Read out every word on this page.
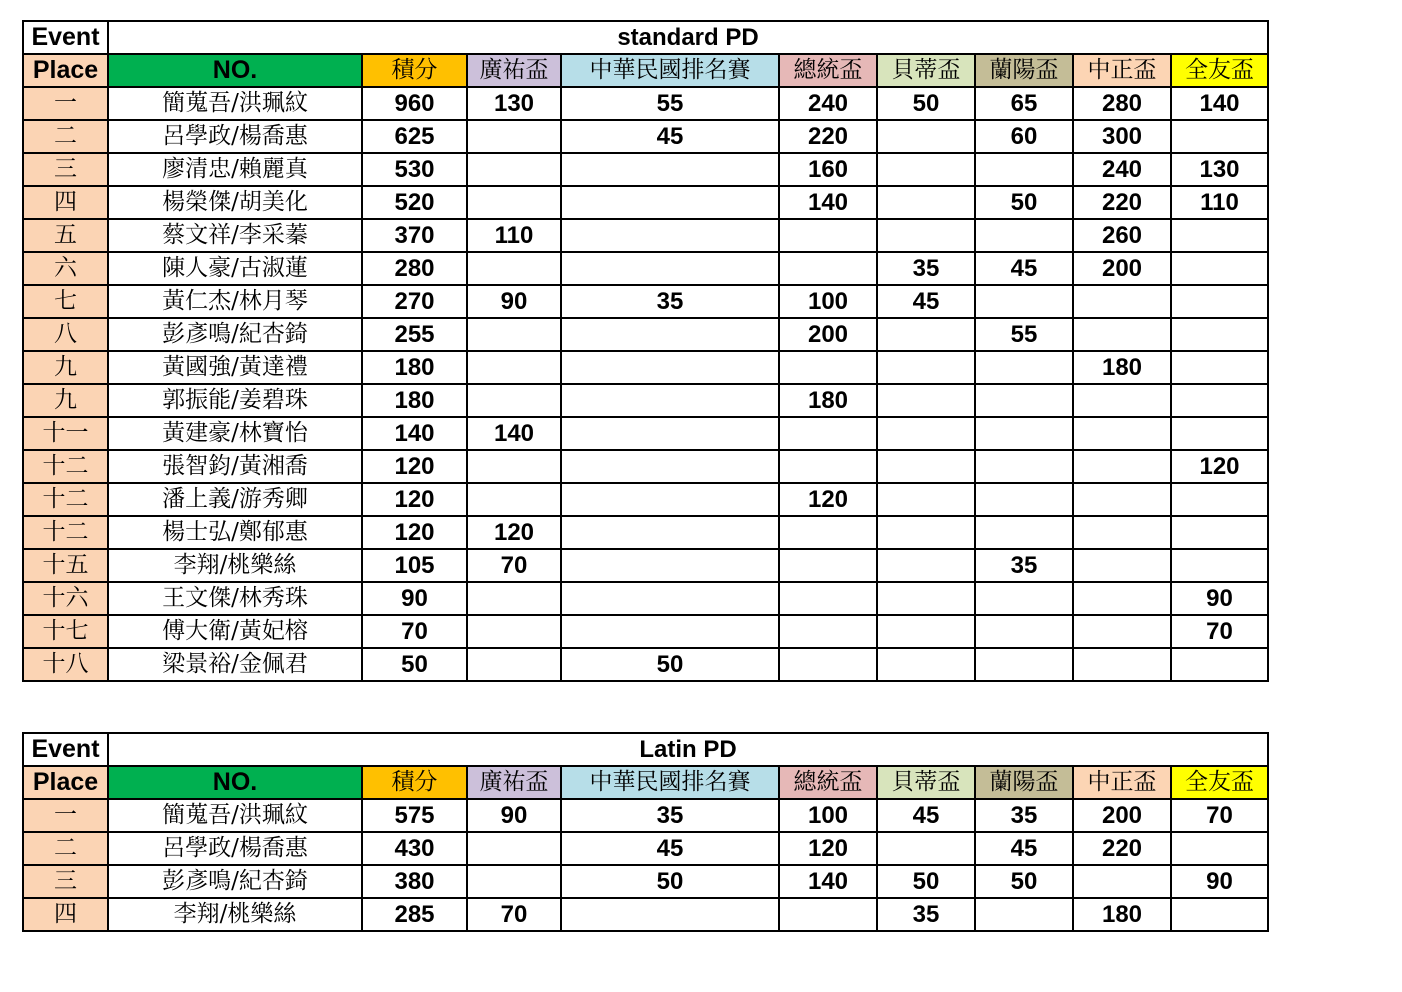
Event	standard PD								
Place	NO.	積分	廣祐盃	中華民國排名賽	總統盃	貝蒂盃	蘭陽盃	中正盃	全友盃
一	簡蒐吾/洪珮紋	960	130	55	240	50	65	280	140
二	呂學政/楊喬惠	625		45	220		60	300	
三	廖清忠/賴麗真	530			160			240	130
四	楊榮傑/胡美化	520			140		50	220	110
五	蔡文祥/李采蓁	370	110					260	
六	陳人豪/古淑蓮	280				35	45	200	
七	黃仁杰/林月琴	270	90	35	100	45			
八	彭彥鳴/紀杏錡	255			200		55		
九	黃國強/黃達禮	180						180	
九	郭振能/姜碧珠	180			180				
十一	黃建豪/林寶怡	140	140						
十二	張智鈞/黃湘喬	120							120
十二	潘上義/游秀卿	120			120				
十二	楊士弘/鄭郁惠	120	120						
十五	李翔/桃樂絲	105	70				35		
十六	王文傑/林秀珠	90							90
十七	傅大衛/黃妃榕	70							70
十八	梁景裕/金佩君	50		50					
Event	Latin PD								
Place	NO.	積分	廣祐盃	中華民國排名賽	總統盃	貝蒂盃	蘭陽盃	中正盃	全友盃
一	簡蒐吾/洪珮紋	575	90	35	100	45	35	200	70
二	呂學政/楊喬惠	430		45	120		45	220	
三	彭彥鳴/紀杏錡	380		50	140	50	50		90
四	李翔/桃樂絲	285	70			35		180	
